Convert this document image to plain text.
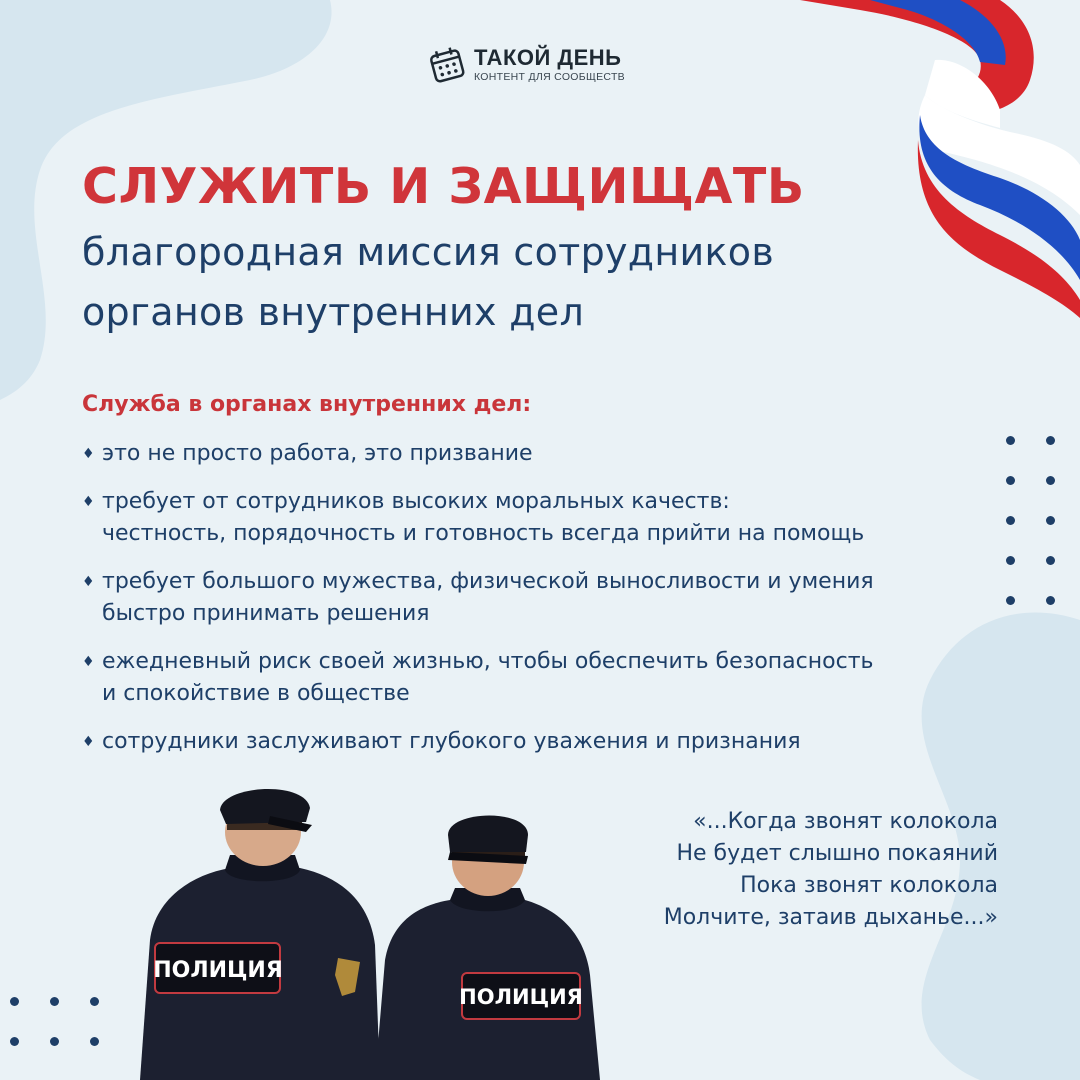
ТАКОЙ ДЕНЬ
КОНТЕНТ ДЛЯ СООБЩЕСТВ
СЛУЖИТЬ И ЗАЩИЩАТЬ
благородная миссия сотрудников
органов внутренних дел
Служба в органах внутренних дел:
♦ это не просто работа, это призвание
♦ требует от сотрудников высоких моральных качеств:
честность, порядочность и готовность всегда прийти на помощь
♦ требует большого мужества, физической выносливости и умения
быстро принимать решения
♦ ежедневный риск своей жизнью, чтобы обеспечить безопасность
и спокойствие в обществе
♦ сотрудники заслуживают глубокого уважения и признания
«...Когда звонят колокола
Не будет слышно покаяний
Пока звонят колокола
Молчите, затаив дыханье...»
ПОЛИЦИЯ
ПОЛИЦИЯ
